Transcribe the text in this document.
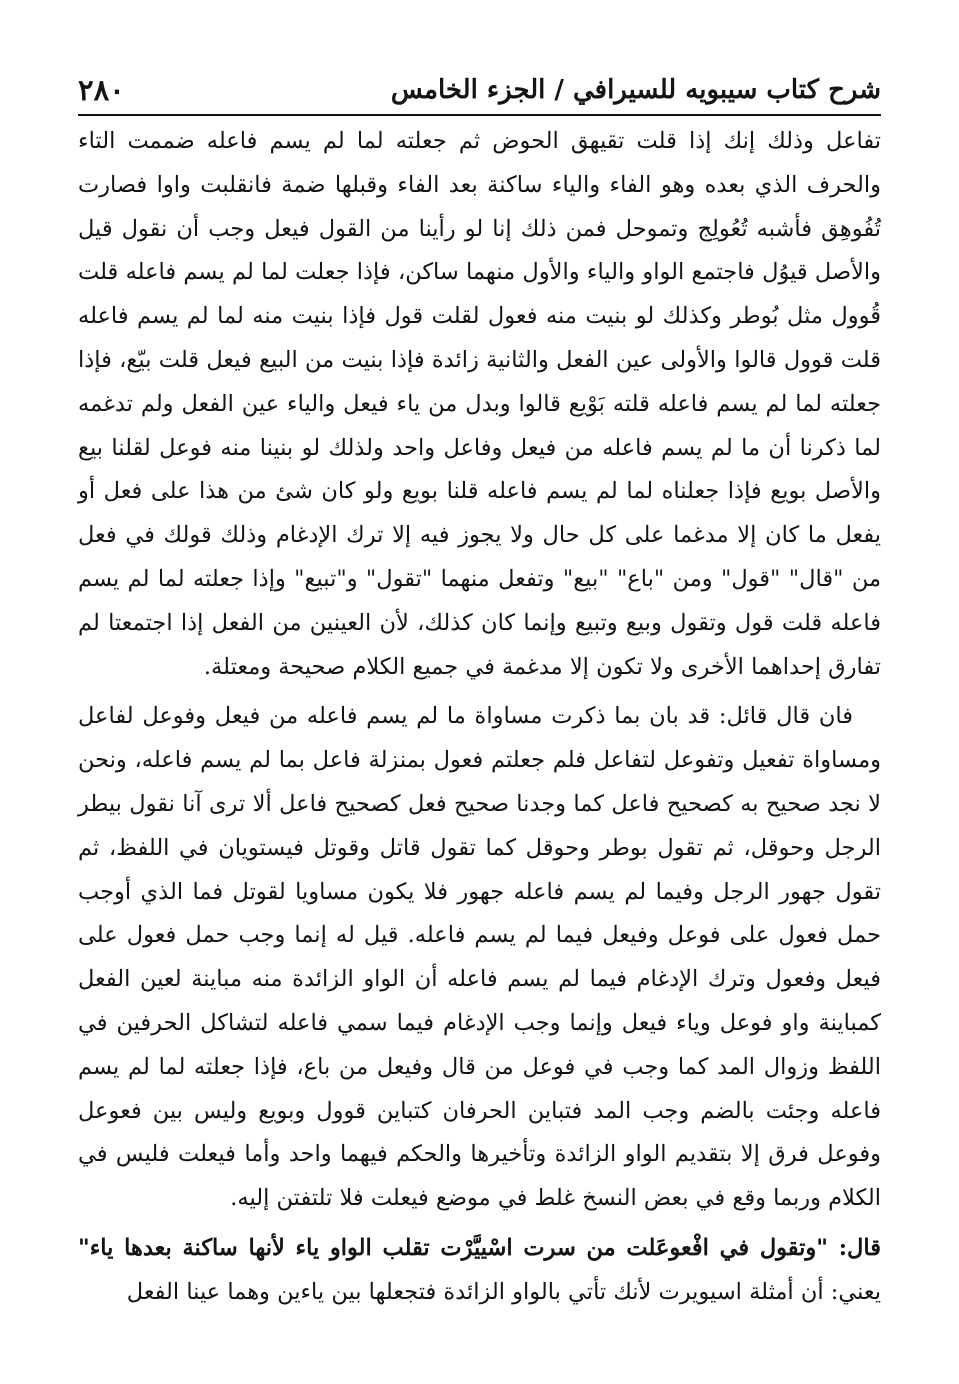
شرح كتاب سيبويه للسيرافي / الجزء الخامس
٢٨٠

تفاعل وذلك إنك إذا قلت تقيهق الحوض ثم جعلته لما لم يسم فاعله ضممت التاء والحرف الذي بعده وهو الفاء والياء ساكنة بعد الفاء وقبلها ضمة فانقلبت واوا فصارت تُفُوهِق فأشبه تُعُولِج وتموحل فمن ذلك إنا لو رأينا من القول فيعل وجب أن نقول قيل والأصل قيوُل فاجتمع الواو والياء والأول منهما ساكن، فإذا جعلت لما لم يسم فاعله قلت قُوول مثل بُوطر وكذلك لو بنيت منه فعول لقلت قول فإذا بنيت منه لما لم يسم فاعله قلت قوول قالوا والأولى عين الفعل والثانية زائدة فإذا بنيت من البيع فيعل قلت بيّع، فإذا جعلته لما لم يسم فاعله قلته بَوْيع قالوا وبدل من ياء فيعل والياء عين الفعل ولم تدغمه لما ذكرنا أن ما لم يسم فاعله من فيعل وفاعل واحد ولذلك لو بنينا منه فوعل لقلنا بيع والأصل بويع فإذا جعلناه لما لم يسم فاعله قلنا بويع ولو كان شئ من هذا على فعل أو يفعل ما كان إلا مدغما على كل حال ولا يجوز فيه إلا ترك الإدغام وذلك قولك في فعل من "قال" "قول" ومن "باع" "بيع" وتفعل منهما "تقول" و"تبيع" وإذا جعلته لما لم يسم فاعله قلت قول وتقول وبيع وتبيع وإنما كان كذلك، لأن العينين من الفعل إذا اجتمعتا لم تفارق إحداهما الأخرى ولا تكون إلا مدغمة في جميع الكلام صحيحة ومعتلة.

فان قال قائل: قد بان بما ذكرت مساواة ما لم يسم فاعله من فيعل وفوعل لفاعل ومساواة تفعيل وتفوعل لتفاعل فلم جعلتم فعول بمنزلة فاعل بما لم يسم فاعله، ونحن لا نجد صحيح به كصحيح فاعل كما وجدنا صحيح فعل كصحيح فاعل ألا ترى آنا نقول بيطر الرجل وحوقل، ثم تقول بوطر وحوقل كما تقول قاتل وقوتل فيستويان في اللفظ، ثم تقول جهور الرجل وفيما لم يسم فاعله جهور فلا يكون مساويا لقوتل فما الذي أوجب حمل فعول على فوعل وفيعل فيما لم يسم فاعله. قيل له إنما وجب حمل فعول على فيعل وفعول وترك الإدغام فيما لم يسم فاعله أن الواو الزائدة منه مباينة لعين الفعل كمباينة واو فوعل وياء فيعل وإنما وجب الإدغام فيما سمي فاعله لتشاكل الحرفين في اللفظ وزوال المد كما وجب في فوعل من قال وفيعل من باع، فإذا جعلته لما لم يسم فاعله وجئت بالضم وجب المد فتباين الحرفان كتباين قوول وبويع وليس بين فعوعل وفوعل فرق إلا بتقديم الواو الزائدة وتأخيرها والحكم فيهما واحد وأما فيعلت فليس في الكلام وربما وقع في بعض النسخ غلط في موضع فيعلت فلا تلتفتن إليه.

قال: "وتقول في افْعوعَلت من سرت اسْييَّرْت تقلب الواو ياء لأنها ساكنة بعدها ياء" يعني: أن أمثلة اسيويرت لأنك تأتي بالواو الزائدة فتجعلها بين ياءين وهما عينا الفعل
